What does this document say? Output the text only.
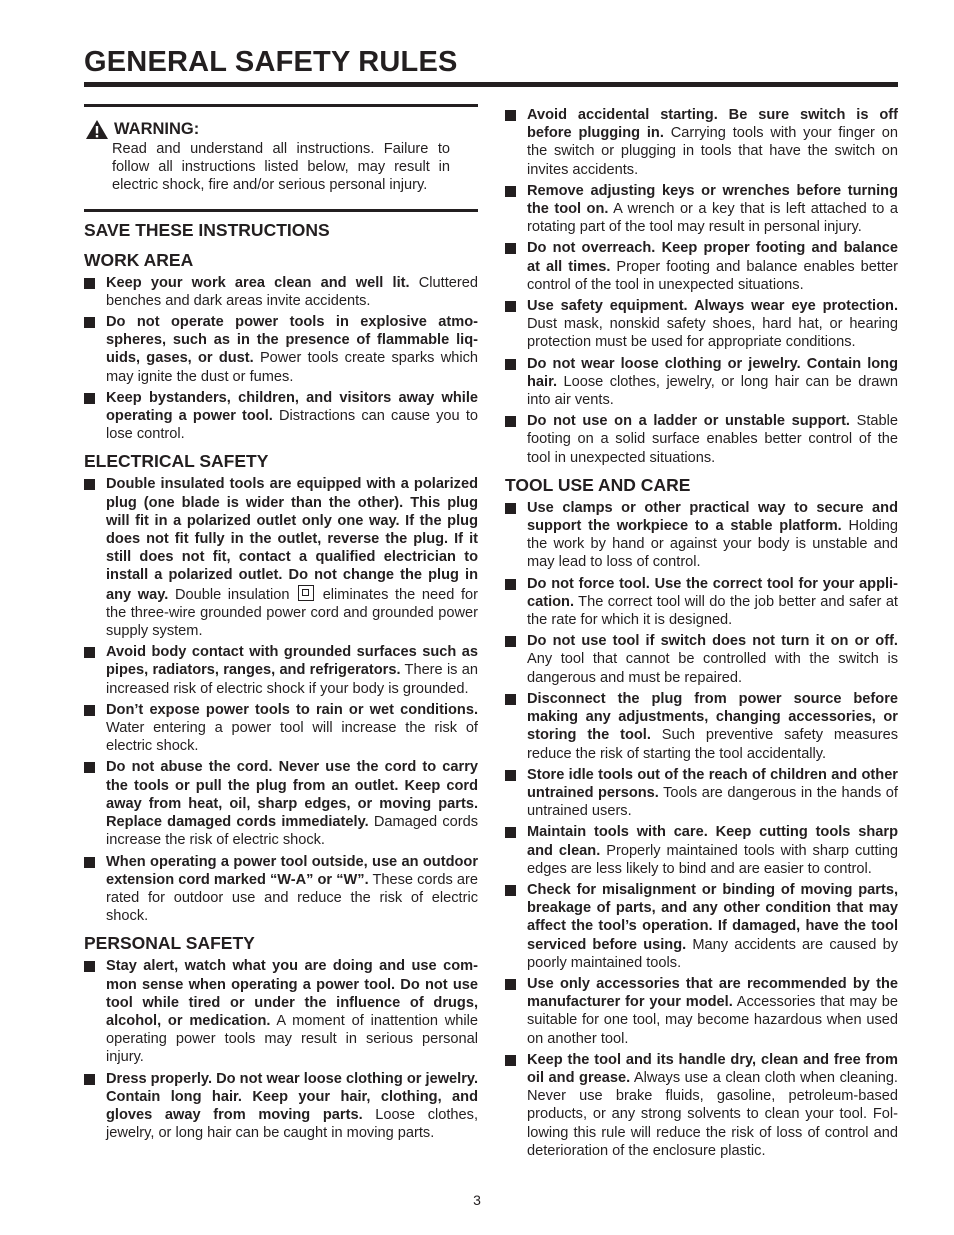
GENERAL SAFETY RULES
WARNING:
Read and understand all instructions. Failure to follow all instructions listed below, may result in electric shock, fire and/or serious personal injury.
SAVE THESE INSTRUCTIONS
WORK AREA
Keep your work area clean and well lit. Cluttered benches and dark areas invite accidents.
Do not operate power tools in explosive atmospheres, such as in the presence of flammable liquids, gases, or dust. Power tools create sparks which may ignite the dust or fumes.
Keep bystanders, children, and visitors away while operating a power tool. Distractions can cause you to lose control.
ELECTRICAL SAFETY
Double insulated tools are equipped with a polarized plug (one blade is wider than the other). This plug will fit in a polarized outlet only one way. If the plug does not fit fully in the outlet, reverse the plug. If it still does not fit, contact a qualified electrician to install a polarized outlet. Do not change the plug in any way. Double insulation  eliminates the need for the three-wire grounded power cord and grounded power supply system.
Avoid body contact with grounded surfaces such as pipes, radiators, ranges, and refrigerators. There is an increased risk of electric shock if your body is grounded.
Don’t expose power tools to rain or wet conditions. Water entering a power tool will increase the risk of electric shock.
Do not abuse the cord. Never use the cord to carry the tools or pull the plug from an outlet. Keep cord away from heat, oil, sharp edges, or moving parts. Replace damaged cords immediately. Damaged cords increase the risk of electric shock.
When operating a power tool outside, use an outdoor extension cord marked “W-A” or “W”. These cords are rated for outdoor use and reduce the risk of electric shock.
PERSONAL SAFETY
Stay alert, watch what you are doing and use common sense when operating a power tool. Do not use tool while tired or under the influence of drugs, alcohol, or medication. A moment of inattention while operating power tools may result in serious personal injury.
Dress properly. Do not wear loose clothing or jewelry. Contain long hair. Keep your hair, clothing, and gloves away from moving parts. Loose clothes, jewelry, or long hair can be caught in moving parts.
Avoid accidental starting. Be sure switch is off before plugging in. Carrying tools with your finger on the switch or plugging in tools that have the switch on invites accidents.
Remove adjusting keys or wrenches before turning the tool on. A wrench or a key that is left attached to a rotating part of the tool may result in personal injury.
Do not overreach. Keep proper footing and balance at all times. Proper footing and balance enables better control of the tool in unexpected situations.
Use safety equipment. Always wear eye protection. Dust mask, nonskid safety shoes, hard hat, or hearing protection must be used for appropriate conditions.
Do not wear loose clothing or jewelry. Contain long hair. Loose clothes, jewelry, or long hair can be drawn into air vents.
Do not use on a ladder or unstable support. Stable footing on a solid surface enables better control of the tool in unexpected situations.
TOOL USE AND CARE
Use clamps or other practical way to secure and support the workpiece to a stable platform. Holding the work by hand or against your body is unstable and may lead to loss of control.
Do not force tool. Use the correct tool for your application. The correct tool will do the job better and safer at the rate for which it is designed.
Do not use tool if switch does not turn it on or off. Any tool that cannot be controlled with the switch is dangerous and must be repaired.
Disconnect the plug from power source before making any adjustments, changing accessories, or storing the tool. Such preventive safety measures reduce the risk of starting the tool accidentally.
Store idle tools out of the reach of children and other untrained persons. Tools are dangerous in the hands of untrained users.
Maintain tools with care. Keep cutting tools sharp and clean. Properly maintained tools with sharp cutting edges are less likely to bind and are easier to control.
Check for misalignment or binding of moving parts, breakage of parts, and any other condition that may affect the tool’s operation. If damaged, have the tool serviced before using. Many accidents are caused by poorly maintained tools.
Use only accessories that are recommended by the manufacturer for your model. Accessories that may be suitable for one tool, may become hazardous when used on another tool.
Keep the tool and its handle dry, clean and free from oil and grease. Always use a clean cloth when cleaning. Never use brake fluids, gasoline, petroleum-based products, or any strong solvents to clean your tool. Following this rule will reduce the risk of loss of control and deterioration of the enclosure plastic.
3
